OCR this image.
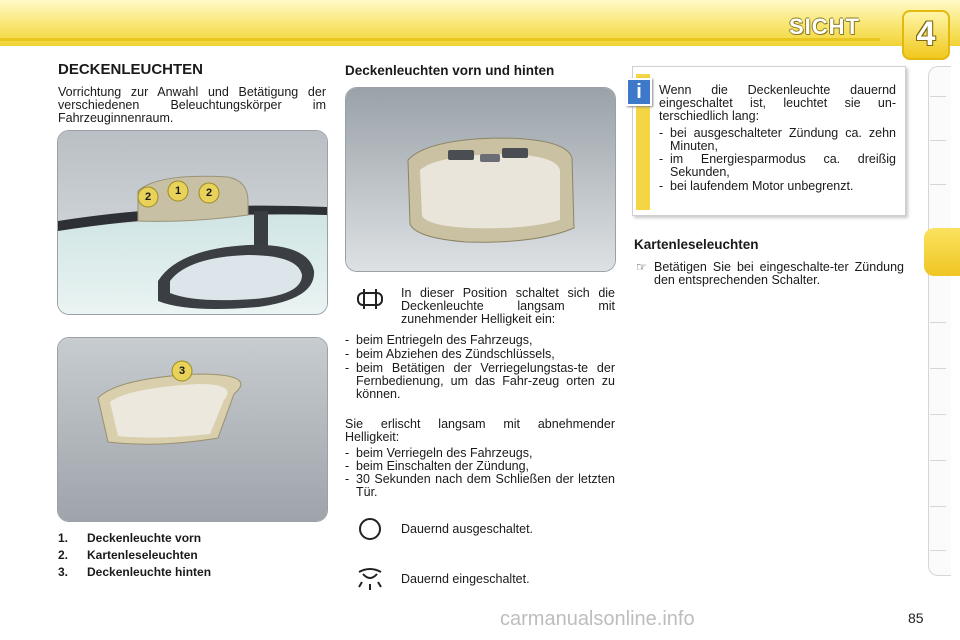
SICHT	4
DECKENLEUCHTEN
Vorrichtung zur Anwahl und Betätigung der verschiedenen Beleuchtungskörper im Fahrzeuginnenraum.
2	1	2
3
1. Deckenleuchte vorn
2. Kartenleseleuchten
3. Deckenleuchte hinten
Deckenleuchten vorn und hinten
In dieser Position schaltet sich die Deckenleuchte langsam mit zunehmender Helligkeit ein:
- beim Entriegeln des Fahrzeugs,
- beim Abziehen des Zündschlüssels,
- beim Betätigen der Verriegelungstas-te der Fernbedienung, um das Fahr-zeug orten zu können.
Sie erlischt langsam mit abnehmender Helligkeit:
- beim Verriegeln des Fahrzeugs,
- beim Einschalten der Zündung,
- 30 Sekunden nach dem Schließen der letzten Tür.
Dauernd ausgeschaltet.
Dauernd eingeschaltet.
i	Wenn die Deckenleuchte dauernd eingeschaltet ist, leuchtet sie un-terschiedlich lang:
- bei ausgeschalteter Zündung ca. zehn Minuten,
- im Energiesparmodus ca. dreißig Sekunden,
- bei laufendem Motor unbegrenzt.
Kartenleseleuchten
☞ Betätigen Sie bei eingeschalte-ter Zündung den entsprechenden Schalter.
carmanualsonline.info	85
